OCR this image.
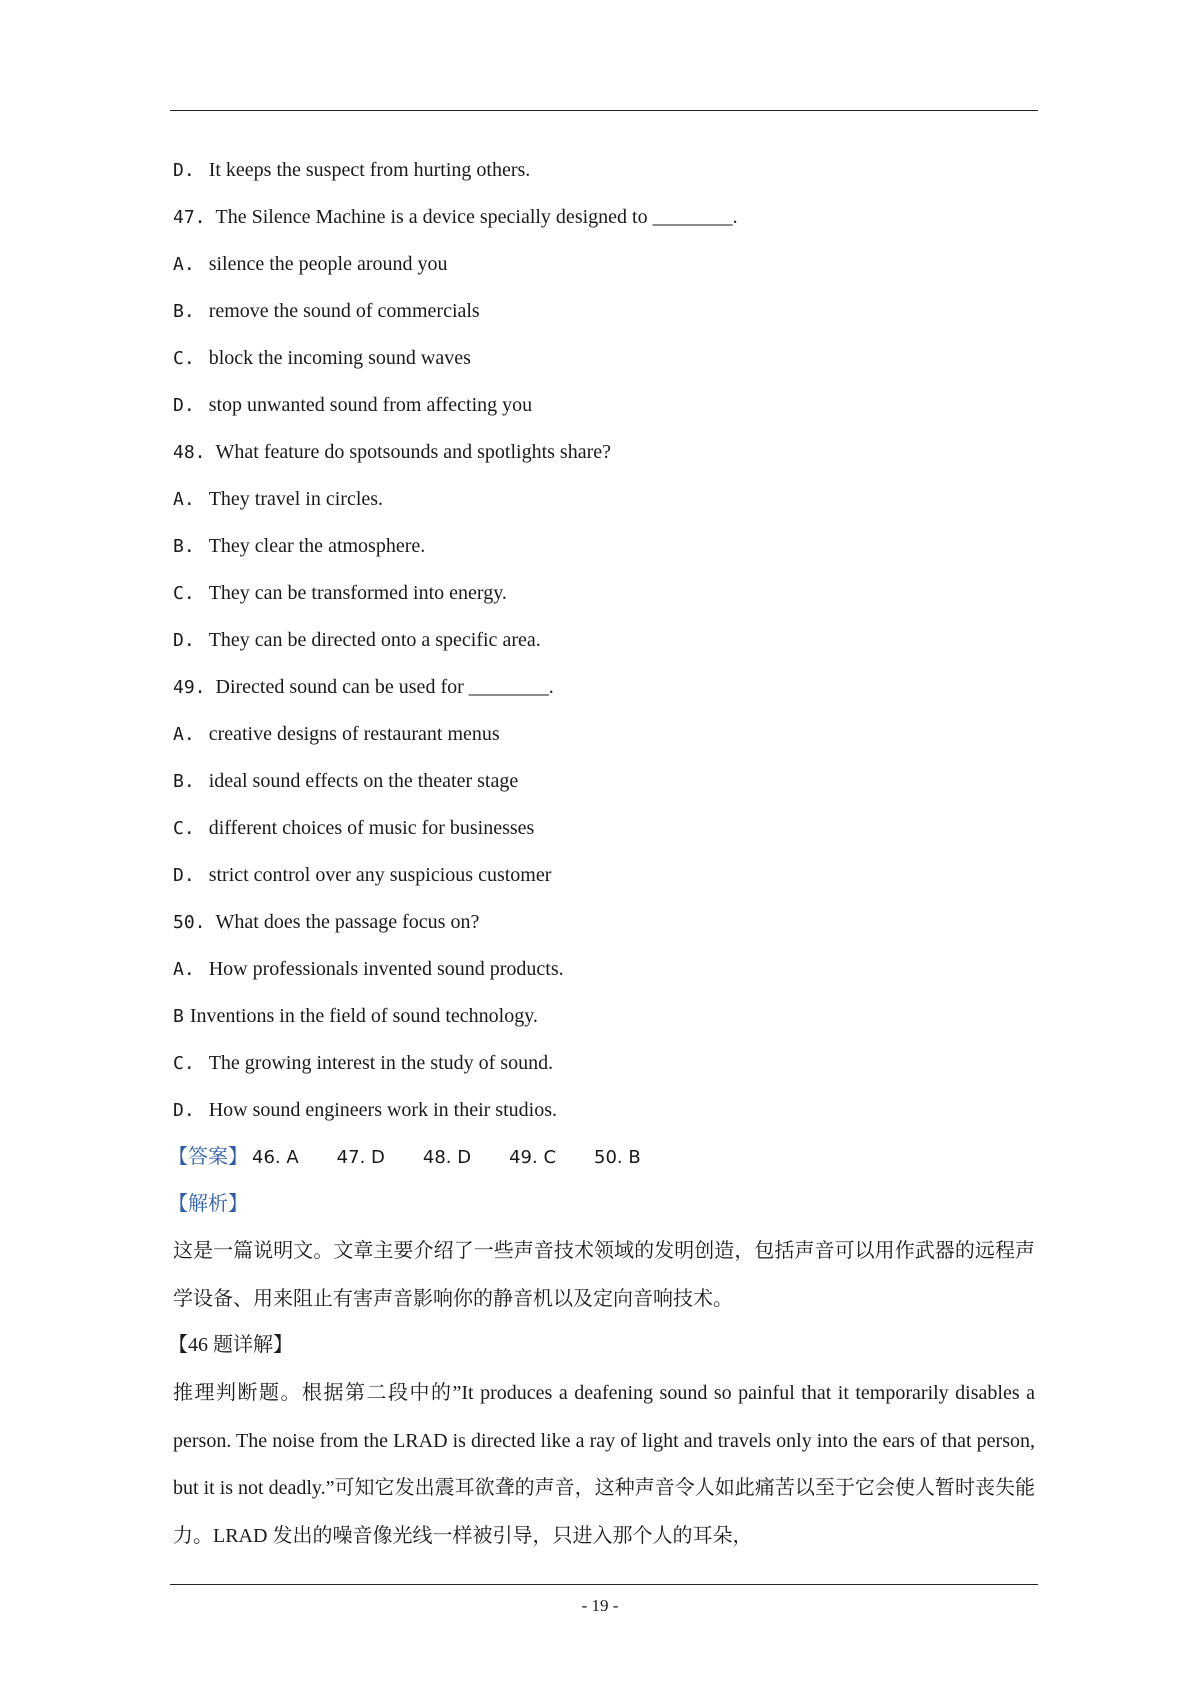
D. It keeps the suspect from hurting others.
47. The Silence Machine is a device specially designed to ________.
A. silence the people around you
B. remove the sound of commercials
C. block the incoming sound waves
D. stop unwanted sound from affecting you
48. What feature do spotsounds and spotlights share?
A. They travel in circles.
B. They clear the atmosphere.
C. They can be transformed into energy.
D. They can be directed onto a specific area.
49. Directed sound can be used for ________.
A. creative designs of restaurant menus
B. ideal sound effects on the theater stage
C. different choices of music for businesses
D. strict control over any suspicious customer
50. What does the passage focus on?
A. How professionals invented sound products.
B Inventions in the field of sound technology.
C. The growing interest in the study of sound.
D. How sound engineers work in their studios.
【答案】 46. A 47. D 48. D 49. C 50. B
【解析】
这是一篇说明文。文章主要介绍了一些声音技术领域的发明创造，包括声音可以用作武器的远程声学设备、用来阻止有害声音影响你的静音机以及定向音响技术。
【46 题详解】
推理判断题。根据第二段中的”It produces a deafening sound so painful that it temporarily disables a person. The noise from the LRAD is directed like a ray of light and travels only into the ears of that person, but it is not deadly.”可知它发出震耳欲聋的声音，这种声音令人如此痛苦以至于它会使人暂时丧失能力。LRAD 发出的噪音像光线一样被引导，只进入那个人的耳朵，
- 19 -
